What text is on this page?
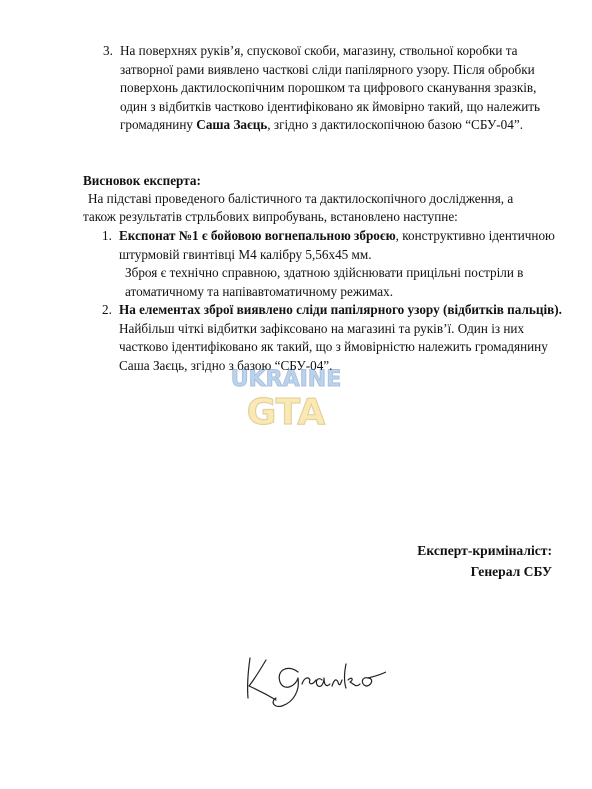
3. На поверхнях руків’я, спускової скоби, магазину, ствольної коробки та затворної рами виявлено часткові сліди папілярного узору. Після обробки поверхонь дактилоскопічним порошком та цифрового сканування зразків, один з відбитків частково ідентифіковано як ймовірно такий, що належить громадянину Саша Заєць, згідно з дактилоскопічною базою “СБУ-04”.
Висновок експерта:
На підставі проведеного балістичного та дактилоскопічного дослідження, а
також результатів стрльбових випробувань, встановлено наступне:
1. Експонат №1 є бойовою вогнепальною зброєю, конструктивно ідентичною штурмовій гвинтівці М4 калібру 5,56х45 мм.
Зброя є технічно справною, здатною здійснювати прицільні постріли в атоматичному та напівавтоматичному режимах.
2. На елементах зброї виявлено сліди папілярного узору (відбитків пальців). Найбільш чіткі відбитки зафіксовано на магазині та руків’ї. Один із них частково ідентифіковано як такий, що з ймовірністю належить громадянину Саша Заєць, згідно з базою “СБУ-04”.
Експерт-криміналіст:
Генерал СБУ
UKRAINE
GTA
